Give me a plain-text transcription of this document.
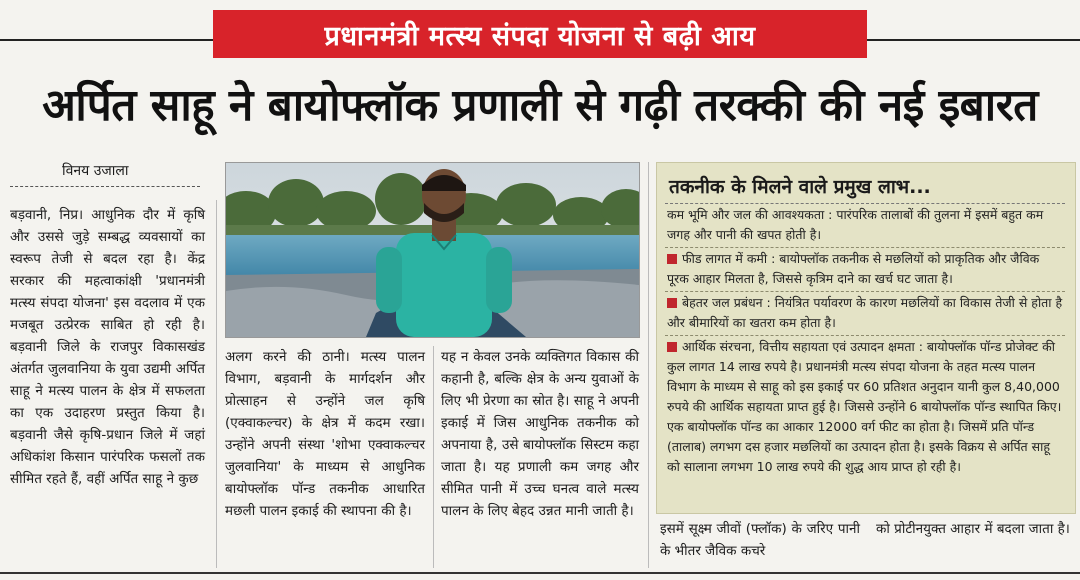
प्रधानमंत्री मत्स्य संपदा योजना से बढ़ी आय
अर्पित साहू ने बायोफ्लॉक प्रणाली से गढ़ी तरक्की की नई इबारत
विनय उजाला

बड़वानी, निप्र। आधुनिक दौर में कृषि और उससे जुड़े सम्बद्ध व्यवसायों का स्वरूप तेजी से बदल रहा है। केंद्र सरकार की महत्वाकांक्षी 'प्रधानमंत्री मत्स्य संपदा योजना' इस वदलाव में एक मजबूत उत्प्रेरक साबित हो रही है। बड़वानी जिले के राजपुर विकासखंड अंतर्गत जुलवानिया के युवा उद्यमी अर्पित साहू ने मत्स्य पालन के क्षेत्र में सफलता का एक उदाहरण प्रस्तुत किया है। बड़वानी जैसे कृषि-प्रधान जिले में जहां अधिकांश किसान पारंपरिक फसलों तक सीमित रहते हैं, वहीं अर्पित साहू ने कुछ

अलग करने की ठानी। मत्स्य पालन विभाग, बड़वानी के मार्गदर्शन और प्रोत्साहन से उन्होंने जल कृषि (एक्वाकल्चर) के क्षेत्र में कदम रखा। उन्होंने अपनी संस्था 'शोभा एक्वाकल्चर जुलवानिया' के माध्यम से आधुनिक बायोफ्लॉक पॉन्ड तकनीक आधारित मछली पालन इकाई की स्थापना की है।

यह न केवल उनके व्यक्तिगत विकास की कहानी है, बल्कि क्षेत्र के अन्य युवाओं के लिए भी प्रेरणा का स्रोत है। साहू ने अपनी इकाई में जिस आधुनिक तकनीक को अपनाया है, उसे बायोफ्लॉक सिस्टम कहा जाता है। यह प्रणाली कम जगह और सीमित पानी में उच्च घनत्व वाले मत्स्य पालन के लिए बेहद उन्नत मानी जाती है।

तकनीक के मिलने वाले प्रमुख लाभ...
कम भूमि और जल की आवश्यकता : पारंपरिक तालाबों की तुलना में इसमें बहुत कम जगह और पानी की खपत होती है।
फीड लागत में कमी : बायोफ्लॉक तकनीक से मछलियों को प्राकृतिक और जैविक पूरक आहार मिलता है, जिससे कृत्रिम दाने का खर्च घट जाता है।
बेहतर जल प्रबंधन : नियंत्रित पर्यावरण के कारण मछलियों का विकास तेजी से होता है और बीमारियों का खतरा कम होता है।
आर्थिक संरचना, वित्तीय सहायता एवं उत्पादन क्षमता : बायोफ्लॉक पॉन्ड प्रोजेक्ट की कुल लागत 14 लाख रुपये है। प्रधानमंत्री मत्स्य संपदा योजना के तहत मत्स्य पालन विभाग के माध्यम से साहू को इस इकाई पर 60 प्रतिशत अनुदान यानी कुल 8,40,000 रुपये की आर्थिक सहायता प्राप्त हुई है। जिससे उन्होंने 6 बायोफ्लॉक पॉन्ड स्थापित किए। एक बायोफ्लॉक पॉन्ड का आकार 12000 वर्ग फीट का होता है। जिसमें प्रति पॉन्ड (तालाब) लगभग दस हजार मछलियों का उत्पादन होता है। इसके विक्रय से अर्पित साहू को सालाना लगभग 10 लाख रुपये की शुद्ध आय प्राप्त हो रही है।

इसमें सूक्ष्म जीवों (फ्लॉक) के जरिए पानी के भीतर जैविक कचरे

को प्रोटीनयुक्त आहार में बदला जाता है।
